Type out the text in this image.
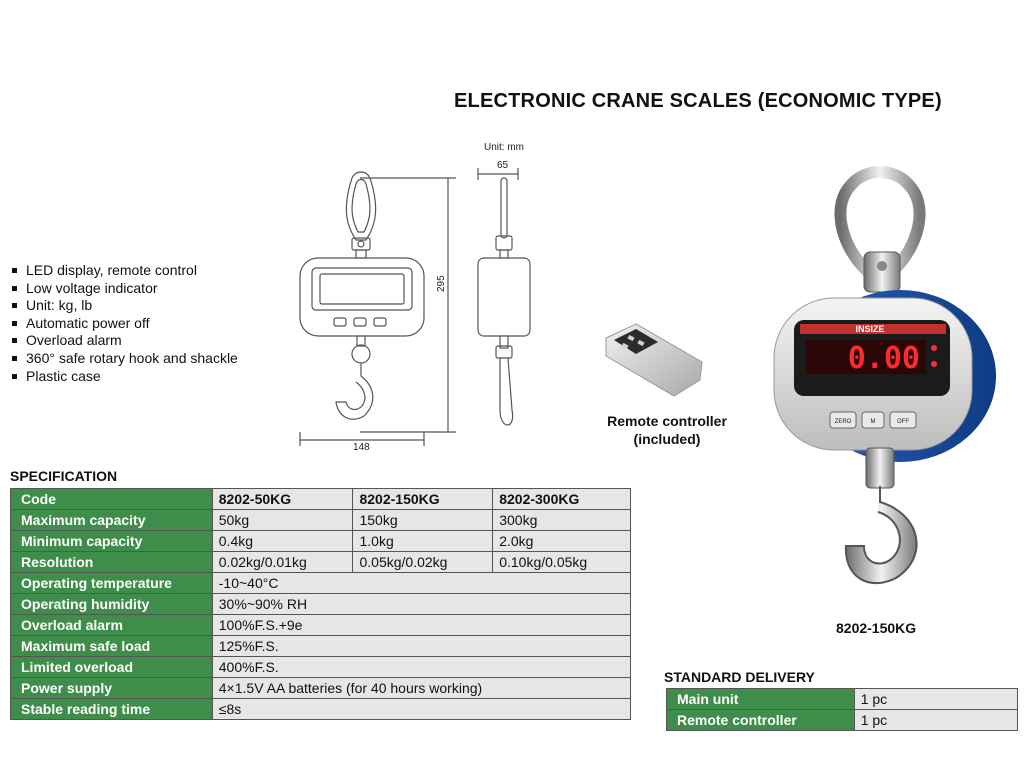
ELECTRONIC CRANE SCALES (ECONOMIC TYPE)
LED display, remote control
Low voltage indicator
Unit: kg, lb
Automatic power off
Overload alarm
360° safe rotary hook and shackle
Plastic case
Unit: mm
65
295
148
Remote controller
(included)
INSIZE
0.00
ZERO	M	OFF
8202-150KG
SPECIFICATION
Code	8202-50KG	8202-150KG	8202-300KG
Maximum capacity	50kg	150kg	300kg
Minimum capacity	0.4kg	1.0kg	2.0kg
Resolution	0.02kg/0.01kg	0.05kg/0.02kg	0.10kg/0.05kg
Operating temperature	-10~40°C		
Operating humidity	30%~90% RH		
Overload alarm	100%F.S.+9e		
Maximum safe load	125%F.S.		
Limited overload	400%F.S.		
Power supply	4×1.5V AA batteries (for 40 hours working)		
Stable reading time	≤8s		
STANDARD DELIVERY
Main unit	1 pc
Remote controller	1 pc
